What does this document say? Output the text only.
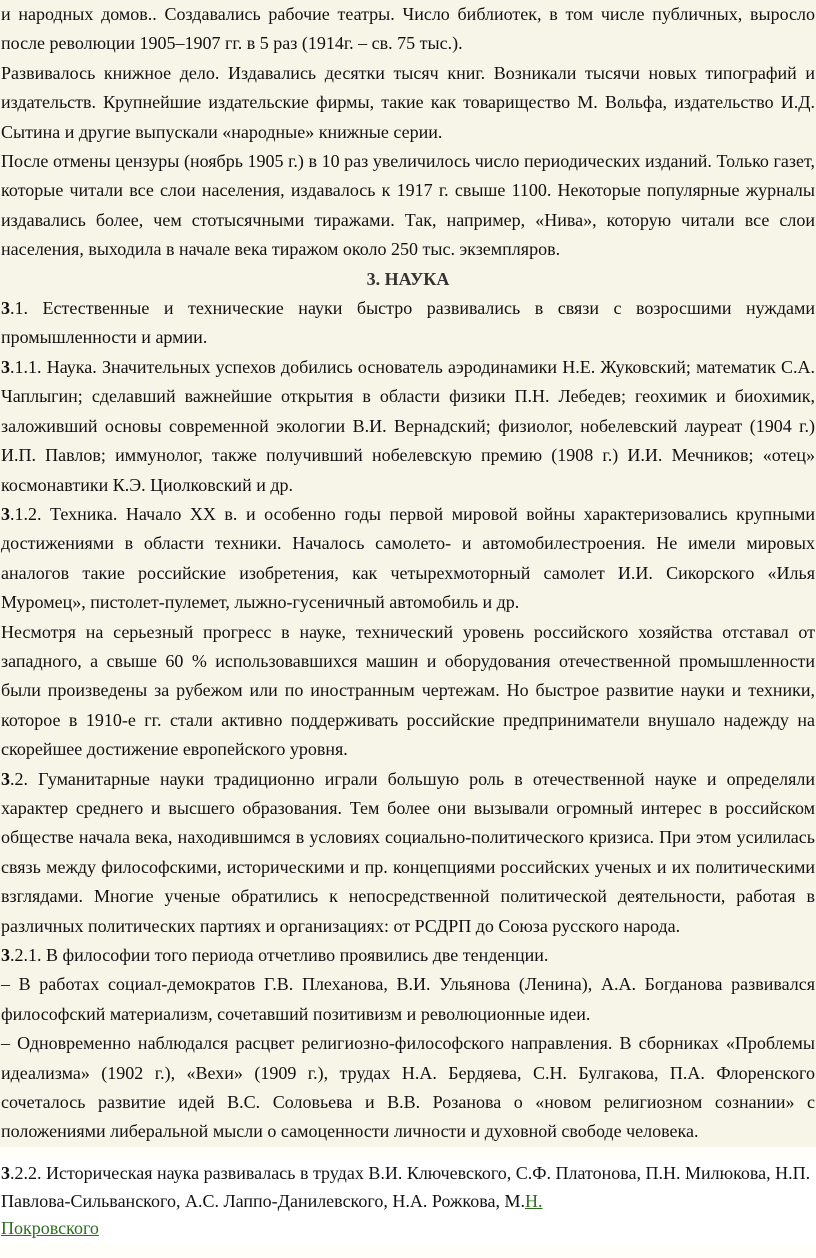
и народных домов.. Создавались рабочие театры. Число библиотек, в том числе публичных, выросло после революции 1905–1907 гг. в 5 раз (1914г. – св. 75 тыс.).

Развивалось книжное дело. Издавались десятки тысяч книг. Возникали тысячи новых типографий и издательств. Крупнейшие издательские фирмы, такие как товарищество М. Вольфа, издательство И.Д. Сытина и другие выпускали «народные» книжные серии.

После отмены цензуры (ноябрь 1905 г.) в 10 раз увеличилось число периодических изданий. Только газет, которые читали все слои населения, издавалось к 1917 г. свыше 1100. Некоторые популярные журналы издавались более, чем стотысячными тиражами. Так, например, «Нива», которую читали все слои населения, выходила в начале века тиражом около 250 тыс. экземпляров.

3. НАУКА

3.1. Естественные и технические науки быстро развивались в связи с возросшими нуждами промышленности и армии.

3.1.1. Наука. Значительных успехов добились основатель аэродинамики Н.Е. Жуковский; математик С.А. Чаплыгин; сделавший важнейшие открытия в области физики П.Н. Лебедев; геохимик и биохимик, заложивший основы современной экологии В.И. Вернадский; физиолог, нобелевский лауреат (1904 г.) И.П. Павлов; иммунолог, также получивший нобелевскую премию (1908 г.) И.И. Мечников; «отец» космонавтики К.Э. Циолковский и др.

3.1.2. Техника. Начало XX в. и особенно годы первой мировой войны характеризовались крупными достижениями в области техники. Началось самолето- и автомобилестроения. Не имели мировых аналогов такие российские изобретения, как четырехмоторный самолет И.И. Сикорского «Илья Муромец», пистолет-пулемет, лыжно-гусеничный автомобиль и др.

Несмотря на серьезный прогресс в науке, технический уровень российского хозяйства отставал от западного, а свыше 60 % использовавшихся машин и оборудования отечественной промышленности были произведены за рубежом или по иностранным чертежам. Но быстрое развитие науки и техники, которое в 1910-е гг. стали активно поддерживать российские предприниматели внушало надежду на скорейшее достижение европейского уровня.

3.2. Гуманитарные науки традиционно играли большую роль в отечественной науке и определяли характер среднего и высшего образования. Тем более они вызывали огромный интерес в российском обществе начала века, находившимся в условиях социально-политического кризиса. При этом усилилась связь между философскими, историческими и пр. концепциями российских ученых и их политическими взглядами. Многие ученые обратились к непосредственной политической деятельности, работая в различных политических партиях и организациях: от РСДРП до Союза русского народа.

3.2.1. В философии того периода отчетливо проявились две тенденции.

– В работах социал-демократов Г.В. Плеханова, В.И. Ульянова (Ленина), А.А. Богданова развивался философский материализм, сочетавший позитивизм и революционные идеи.

– Одновременно наблюдался расцвет религиозно-философского направления. В сборниках «Проблемы идеализма» (1902 г.), «Вехи» (1909 г.), трудах Н.А. Бердяева, С.Н. Булгакова, П.А. Флоренского сочеталось развитие идей В.С. Соловьева и В.В. Розанова о «новом религиозном сознании» с положениями либеральной мысли о самоценности личности и духовной свободе человека.

3.2.2. Историческая наука развивалась в трудах В.И. Ключевского, С.Ф. Платонова, П.Н. Милюкова, Н.П. Павлова-Сильванского, А.С. Лаппо-Данилевского, Н.А. Рожкова, М.Н.
Покровского
